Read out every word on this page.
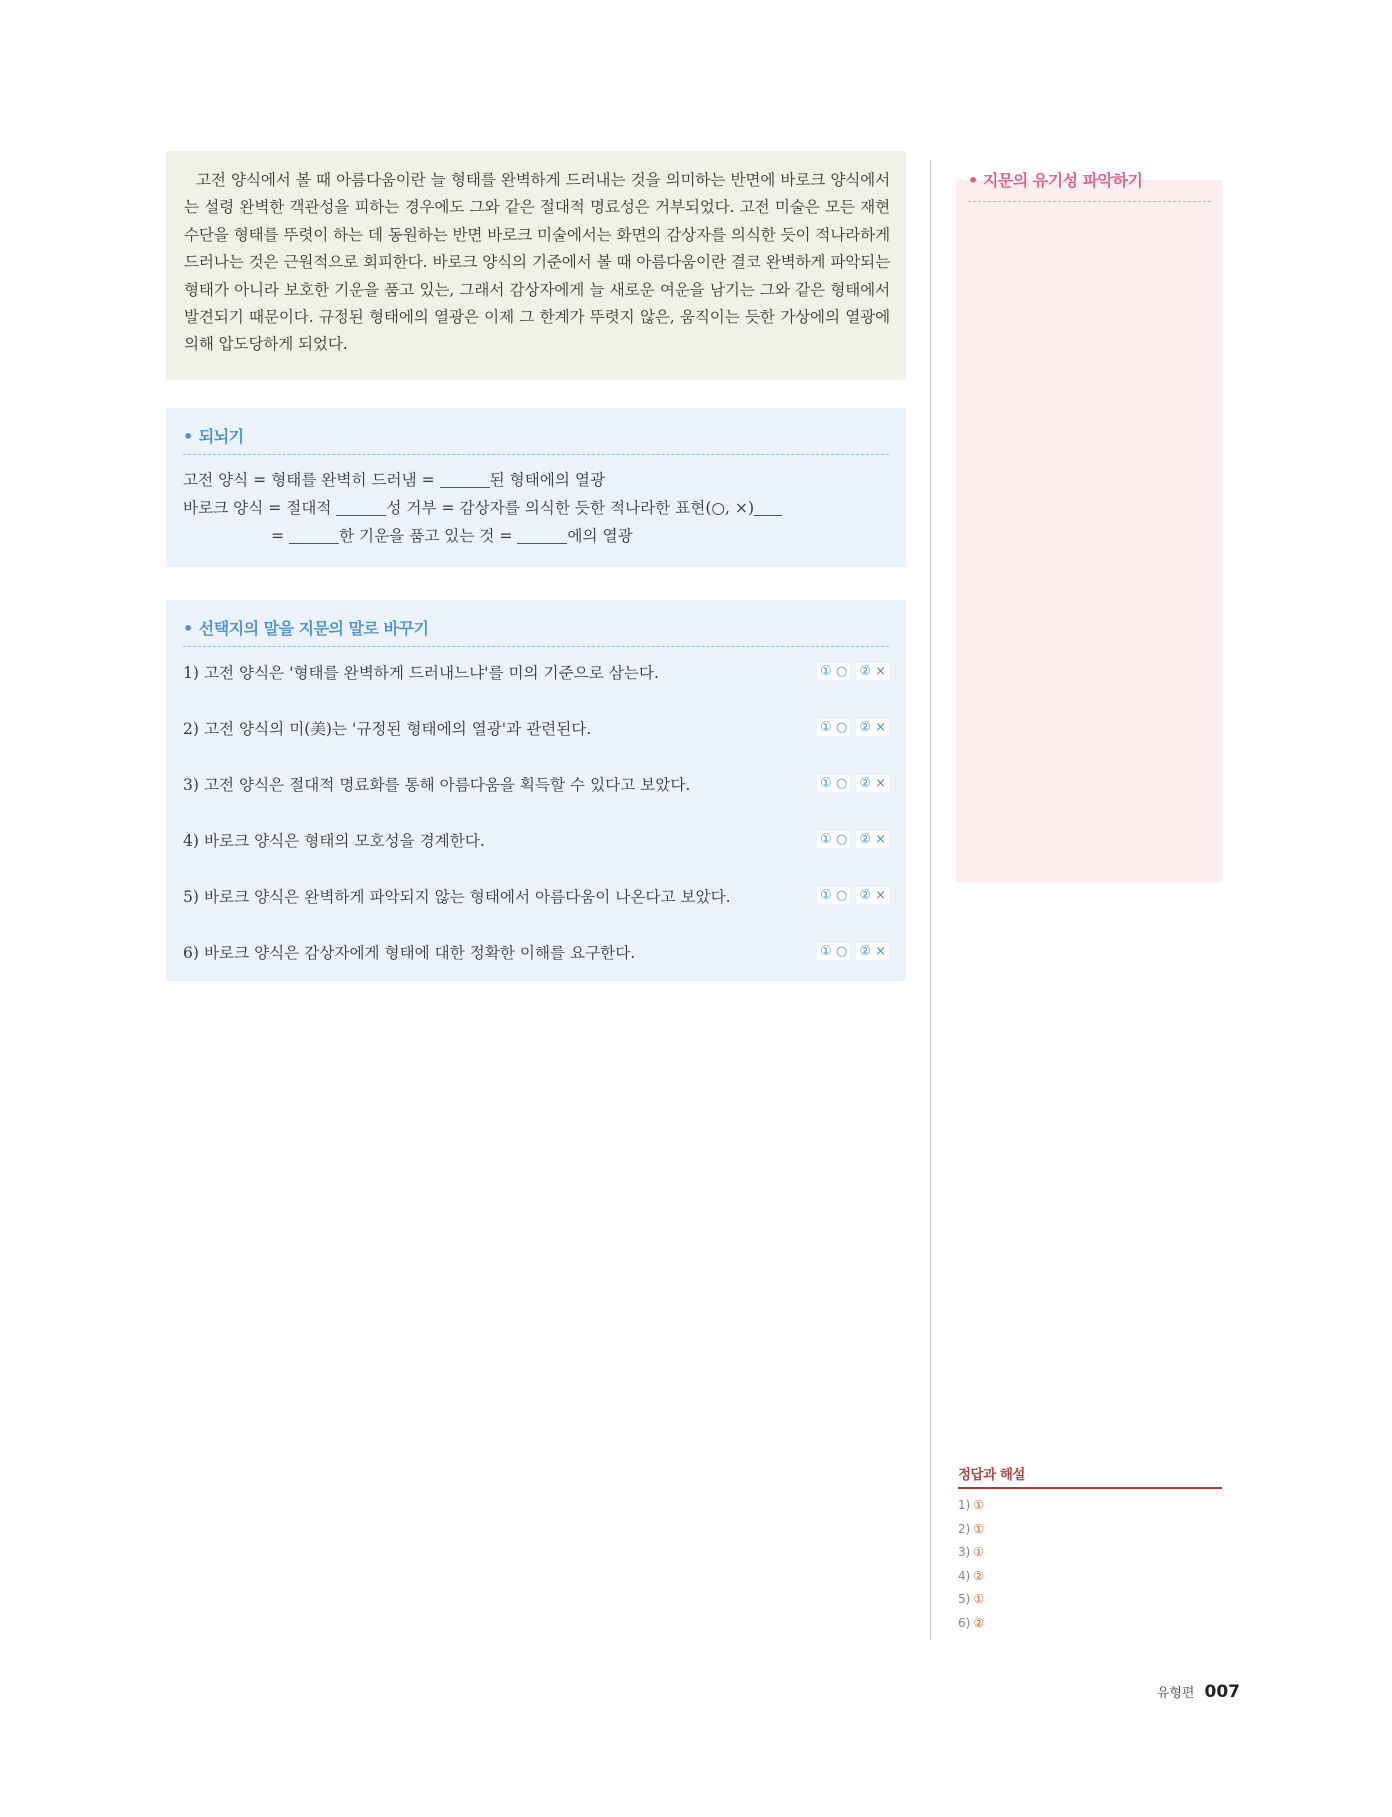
고전 양식에서 볼 때 아름다움이란 늘 형태를 완벽하게 드러내는 것을 의미하는 반면에 바로크 양식에서는 설령 완벽한 객관성을 피하는 경우에도 그와 같은 절대적 명료성은 거부되었다. 고전 미술은 모든 재현 수단을 형태를 뚜렷이 하는 데 동원하는 반면 바로크 미술에서는 화면의 감상자를 의식한 듯이 적나라하게 드러나는 것은 근원적으로 회피한다. 바로크 양식의 기준에서 볼 때 아름다움이란 결코 완벽하게 파악되는 형태가 아니라 보호한 기운을 품고 있는, 그래서 감상자에게 늘 새로운 여운을 남기는 그와 같은 형태에서 발견되기 때문이다. 규정된 형태에의 열광은 이제 그 한계가 뚜렷지 않은, 움직이는 듯한 가상에의 열광에 의해 압도당하게 되었다.

• 되뇌기
고전 양식 = 형태를 완벽히 드러냄 =	된 형태에의 열광
바로크 양식 = 절대적	성 거부 = 감상자를 의식한 듯한 적나라한 표현(○, ×)
=	한 기운을 품고 있는 것 =	에의 열광
• 선택지의 말을 지문의 말로 바꾸기
1) 고전 양식은 '형태를 완벽하게 드러내느냐'를 미의 기준으로 삼는다.	① ○ ② ×
2) 고전 양식의 미(美)는 '규정된 형태에의 열광'과 관련된다.	① ○ ② ×
3) 고전 양식은 절대적 명료화를 통해 아름다움을 획득할 수 있다고 보았다.	① ○ ② ×
4) 바로크 양식은 형태의 모호성을 경계한다.	① ○ ② ×
5) 바로크 양식은 완벽하게 파악되지 않는 형태에서 아름다움이 나온다고 보았다.	① ○ ② ×
6) 바로크 양식은 감상자에게 형태에 대한 정확한 이해를 요구한다.	① ○ ② ×
• 지문의 유기성 파악하기
정답과 해설
1) ①
2) ①
3) ①
4) ②
5) ①
6) ②
유형편 007
